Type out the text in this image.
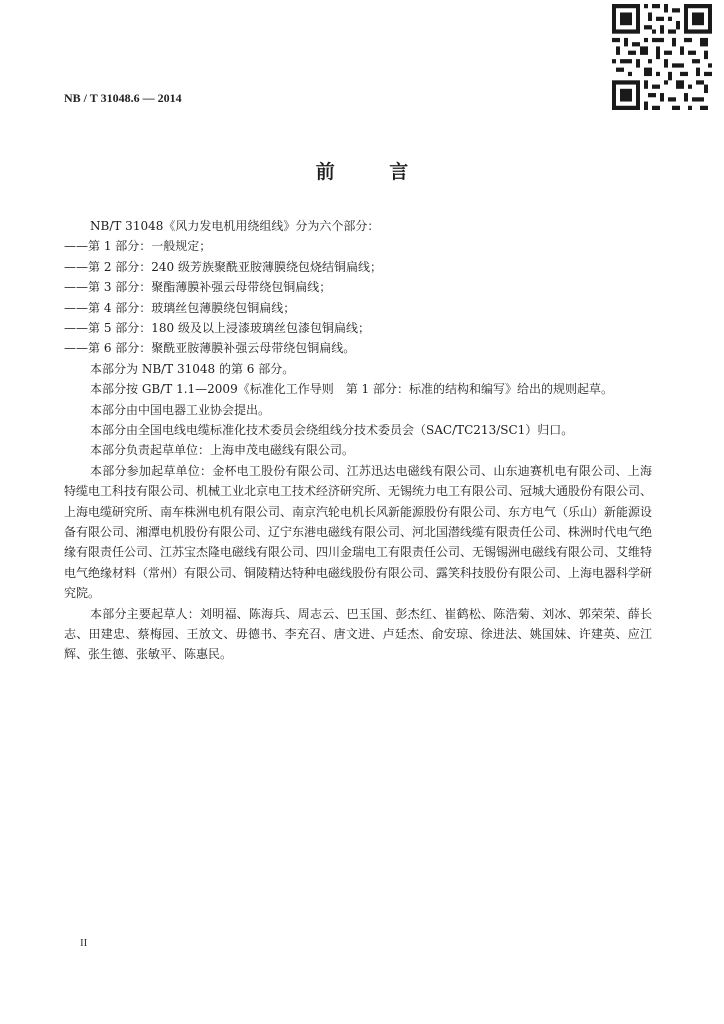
NB / T 31048.6 — 2014
前 言
NB/T 31048《风力发电机用绕组线》分为六个部分：
——第 1 部分：一般规定；
——第 2 部分：240 级芳族聚酰亚胺薄膜绕包烧结铜扁线；
——第 3 部分：聚酯薄膜补强云母带绕包铜扁线；
——第 4 部分：玻璃丝包薄膜绕包铜扁线；
——第 5 部分：180 级及以上浸漆玻璃丝包漆包铜扁线；
——第 6 部分：聚酰亚胺薄膜补强云母带绕包铜扁线。
本部分为 NB/T 31048 的第 6 部分。
本部分按 GB/T 1.1—2009《标准化工作导则　第 1 部分：标准的结构和编写》给出的规则起草。
本部分由中国电器工业协会提出。
本部分由全国电线电缆标准化技术委员会绕组线分技术委员会（SAC/TC213/SC1）归口。
本部分负责起草单位：上海申茂电磁线有限公司。
本部分参加起草单位：金杯电工股份有限公司、江苏迅达电磁线有限公司、山东迪赛机电有限公司、上海特缆电工科技有限公司、机械工业北京电工技术经济研究所、无锡统力电工有限公司、冠城大通股份有限公司、上海电缆研究所、南车株洲电机有限公司、南京汽轮电机长风新能源股份有限公司、东方电气（乐山）新能源设备有限公司、湘潭电机股份有限公司、辽宁东港电磁线有限公司、河北国潜线缆有限责任公司、株洲时代电气绝缘有限责任公司、江苏宝杰隆电磁线有限公司、四川金瑞电工有限责任公司、无锡锡洲电磁线有限公司、艾维特电气绝缘材料（常州）有限公司、铜陵精达特种电磁线股份有限公司、露笑科技股份有限公司、上海电器科学研究院。
本部分主要起草人：刘明福、陈海兵、周志云、巴玉国、彭杰红、崔鹤松、陈浩菊、刘冰、郭荣荣、薛长志、田建忠、蔡梅园、王放文、毋德书、李充召、唐文进、卢廷杰、俞安琼、徐进法、姚国妹、许建英、应江辉、张生德、张敏平、陈惠民。
II
